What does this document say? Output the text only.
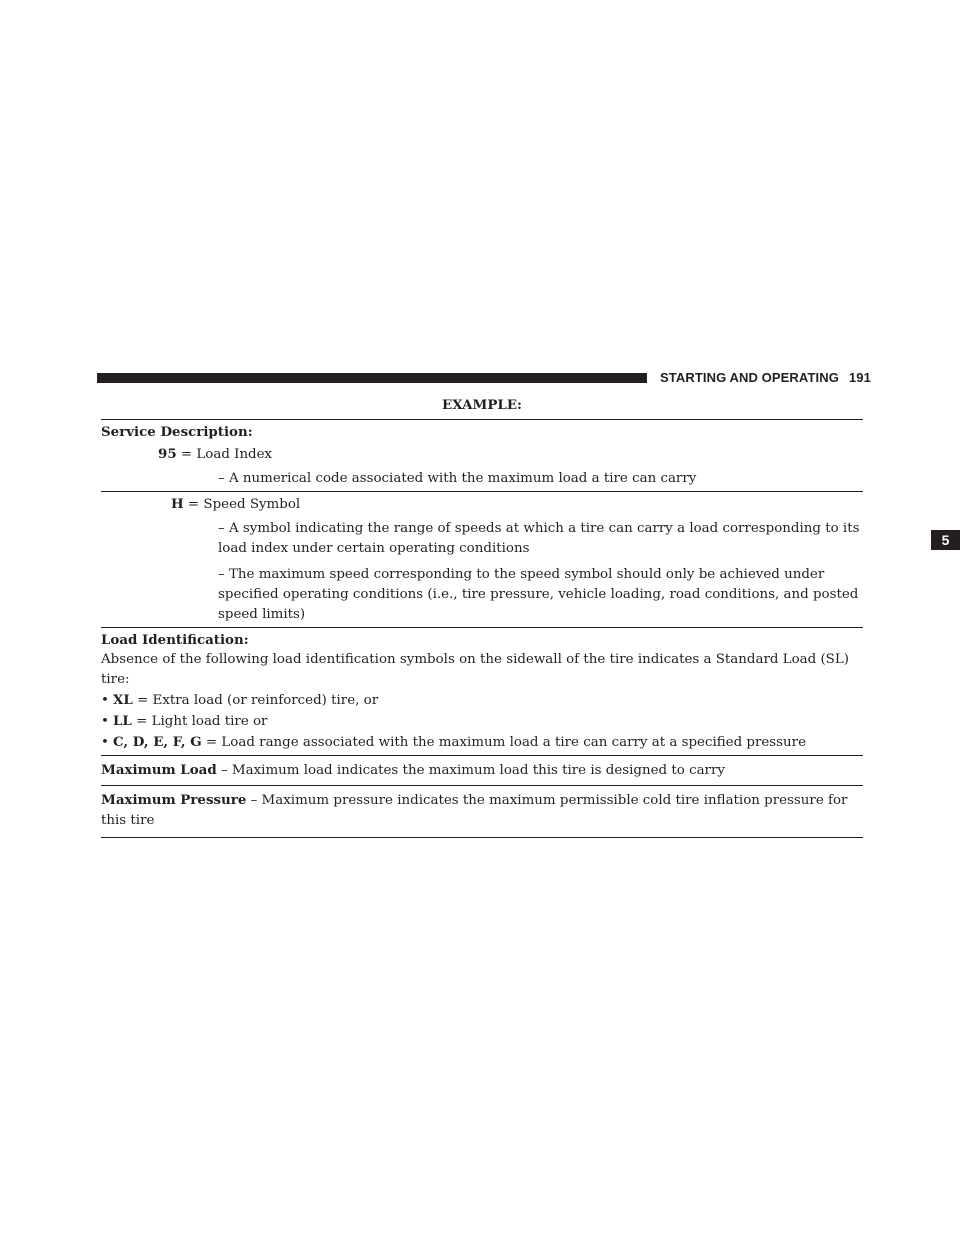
STARTING AND OPERATING 191
5
EXAMPLE:
Service Description:
95 = Load Index
– A numerical code associated with the maximum load a tire can carry
H = Speed Symbol
– A symbol indicating the range of speeds at which a tire can carry a load corresponding to its load index under certain operating conditions
– The maximum speed corresponding to the speed symbol should only be achieved under specified operating conditions (i.e., tire pressure, vehicle loading, road conditions, and posted speed limits)
Load Identification:
Absence of the following load identification symbols on the sidewall of the tire indicates a Standard Load (SL) tire:
• XL = Extra load (or reinforced) tire, or
• LL = Light load tire or
• C, D, E, F, G = Load range associated with the maximum load a tire can carry at a specified pressure
Maximum Load – Maximum load indicates the maximum load this tire is designed to carry
Maximum Pressure – Maximum pressure indicates the maximum permissible cold tire inflation pressure for this tire
